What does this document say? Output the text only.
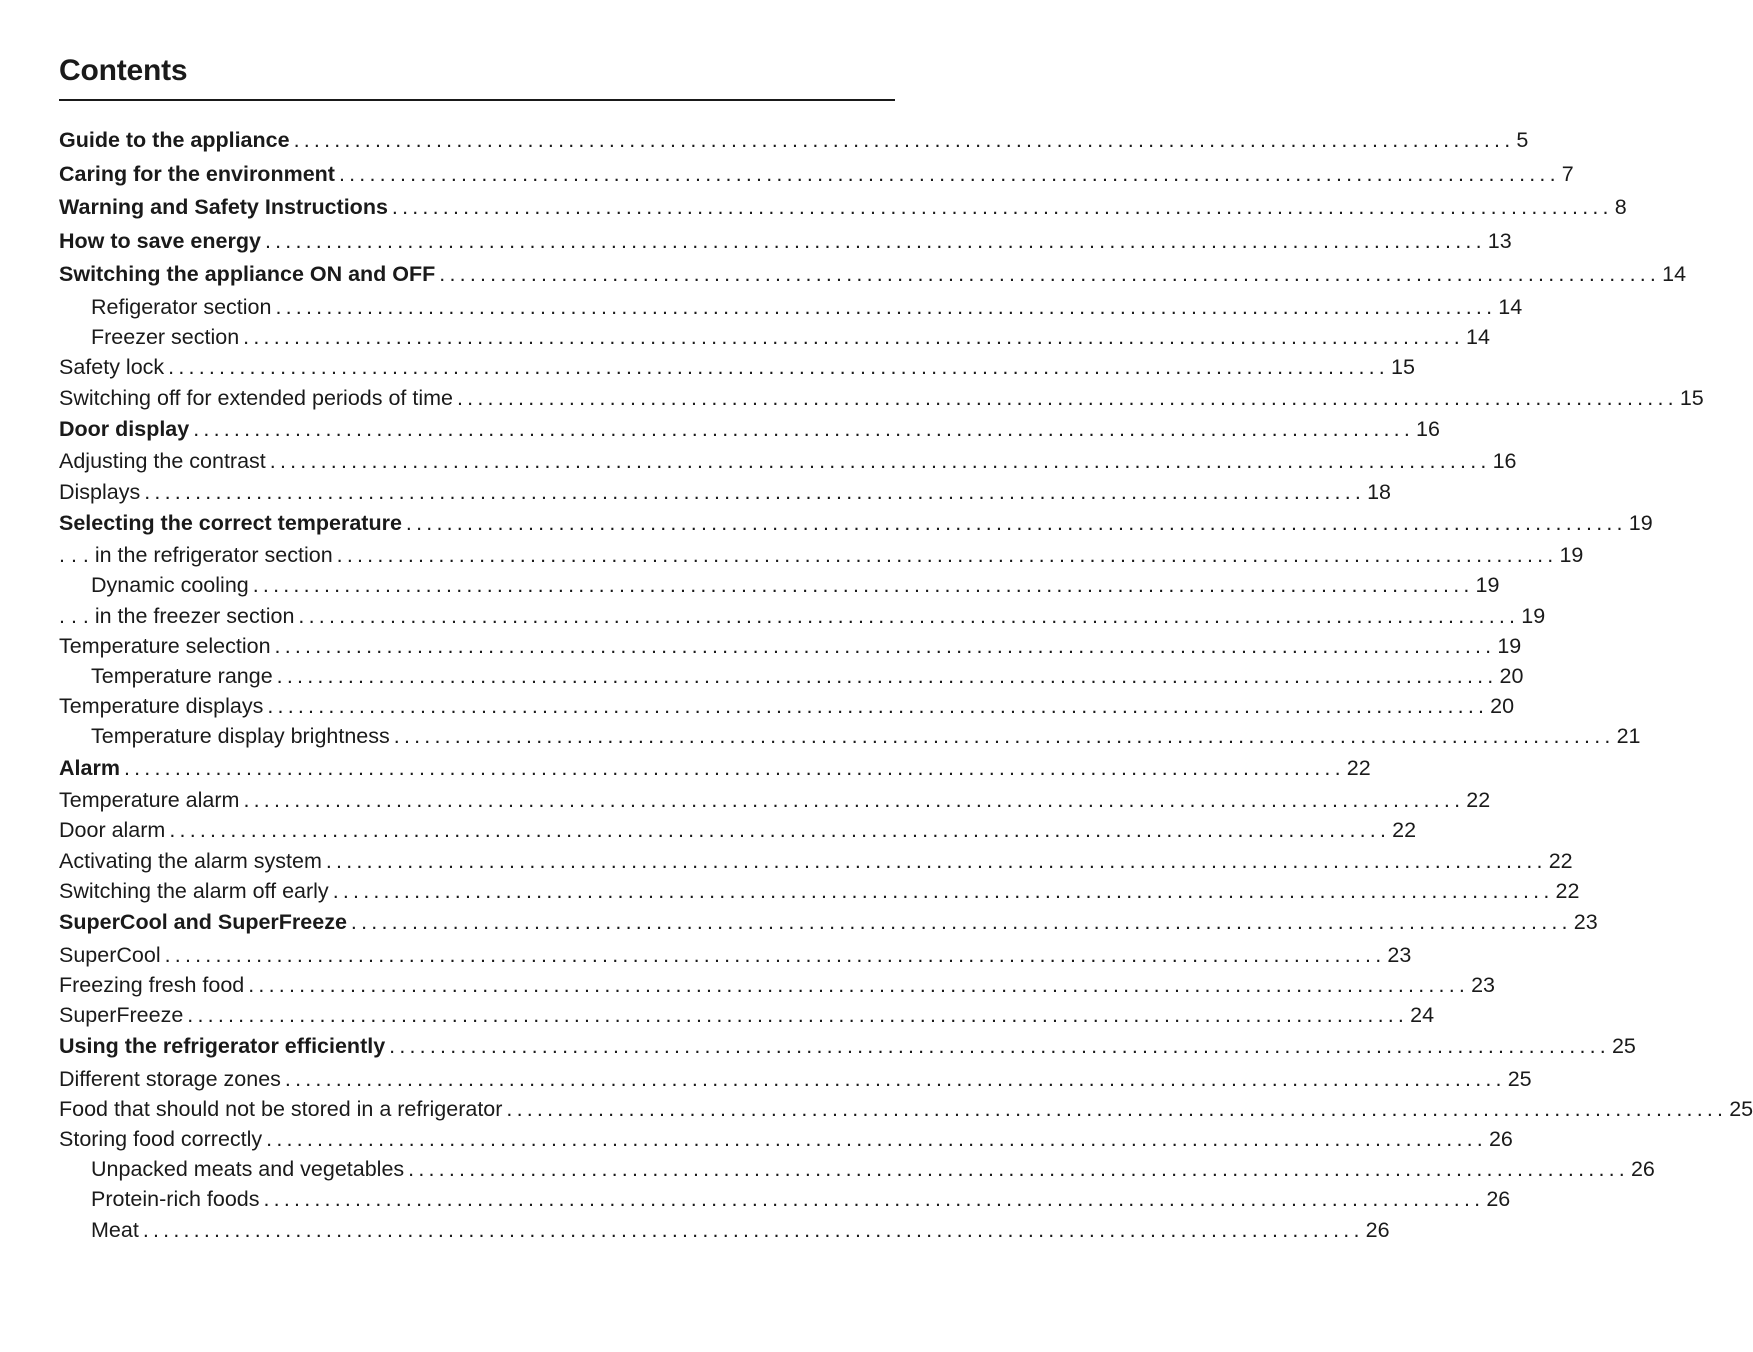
Contents
Guide to the appliance ........................................................................................................................ 5
Caring for the environment ........................................................................................................................ 7
Warning and Safety Instructions ........................................................................................................................ 8
How to save energy ........................................................................................................................ 13
Switching the appliance ON and OFF ........................................................................................................................ 14
Refigerator section ........................................................................................................................ 14
Freezer section ........................................................................................................................ 14
Safety lock ........................................................................................................................ 15
Switching off for extended periods of time ........................................................................................................................ 15
Door display ........................................................................................................................ 16
Adjusting the contrast ........................................................................................................................ 16
Displays ........................................................................................................................ 18
Selecting the correct temperature ........................................................................................................................ 19
. . . in the refrigerator section ........................................................................................................................ 19
Dynamic cooling ........................................................................................................................ 19
. . . in the freezer section ........................................................................................................................ 19
Temperature selection ........................................................................................................................ 19
Temperature range ........................................................................................................................ 20
Temperature displays ........................................................................................................................ 20
Temperature display brightness ........................................................................................................................ 21
Alarm ........................................................................................................................ 22
Temperature alarm ........................................................................................................................ 22
Door alarm ........................................................................................................................ 22
Activating the alarm system ........................................................................................................................ 22
Switching the alarm off early ........................................................................................................................ 22
SuperCool and SuperFreeze ........................................................................................................................ 23
SuperCool ........................................................................................................................ 23
Freezing fresh food ........................................................................................................................ 23
SuperFreeze ........................................................................................................................ 24
Using the refrigerator efficiently ........................................................................................................................ 25
Different storage zones ........................................................................................................................ 25
Food that should not be stored in a refrigerator ........................................................................................................................ 25
Storing food correctly ........................................................................................................................ 26
Unpacked meats and vegetables ........................................................................................................................ 26
Protein-rich foods ........................................................................................................................ 26
Meat ........................................................................................................................ 26
